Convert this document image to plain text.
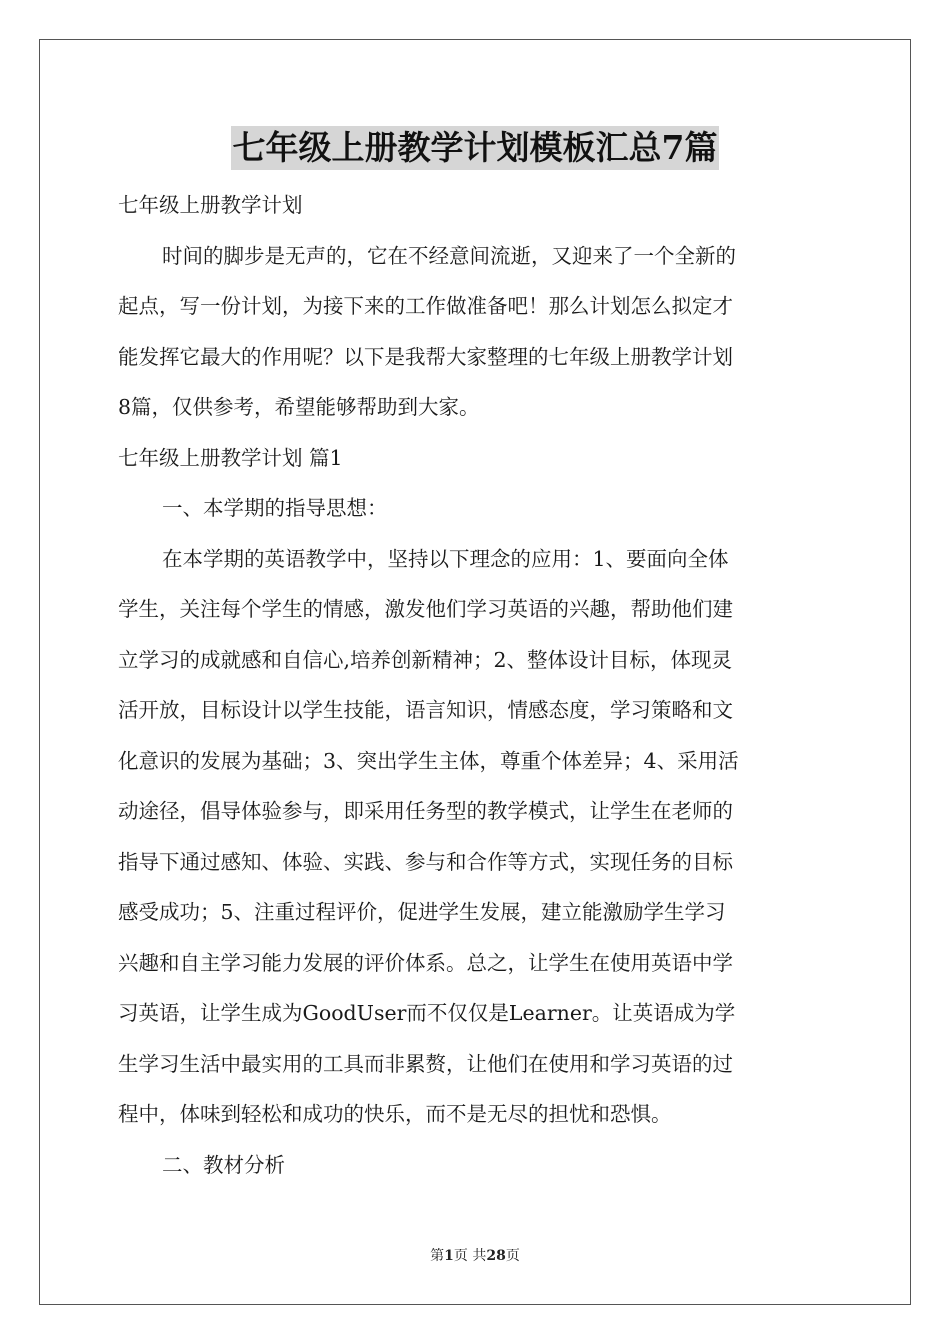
七年级上册教学计划模板汇总7篇

七年级上册教学计划

时间的脚步是无声的，它在不经意间流逝，又迎来了一个全新的

起点，写一份计划，为接下来的工作做准备吧！那么计划怎么拟定才

能发挥它最大的作用呢？以下是我帮大家整理的七年级上册教学计划

8篇，仅供参考，希望能够帮助到大家。

七年级上册教学计划 篇1

一、本学期的指导思想：

在本学期的英语教学中，坚持以下理念的应用：1、要面向全体

学生，关注每个学生的情感，激发他们学习英语的兴趣，帮助他们建

立学习的成就感和自信心,培养创新精神；2、整体设计目标，体现灵

活开放，目标设计以学生技能，语言知识，情感态度，学习策略和文

化意识的发展为基础；3、突出学生主体，尊重个体差异；4、采用活

动途径，倡导体验参与，即采用任务型的教学模式，让学生在老师的

指导下通过感知、体验、实践、参与和合作等方式，实现任务的目标

感受成功；5、注重过程评价，促进学生发展，建立能激励学生学习

兴趣和自主学习能力发展的评价体系。总之，让学生在使用英语中学

习英语，让学生成为GoodUser而不仅仅是Learner。让英语成为学

生学习生活中最实用的工具而非累赘，让他们在使用和学习英语的过

程中，体味到轻松和成功的快乐，而不是无尽的担忧和恐惧。

二、教材分析

第1页 共28页
